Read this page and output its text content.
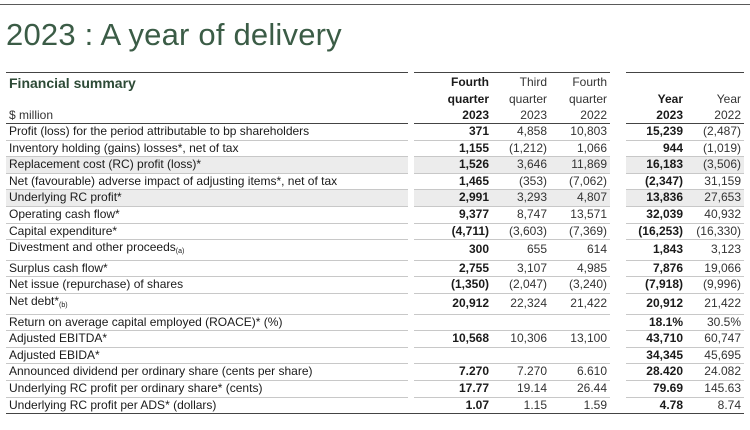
2023 : A year of delivery
Financial summary		Fourth	Third	Fourth			
		quarter	quarter	quarter		Year	Year
$ million		2023	2023	2022		2023	2022
Profit (loss) for the period attributable to bp shareholders		371	4,858	10,803		15,239	(2,487)
Inventory holding (gains) losses*, net of tax		1,155	(1,212)	1,066		944	(1,019)
Replacement cost (RC) profit (loss)*		1,526	3,646	11,869		16,183	(3,506)
Net (favourable) adverse impact of adjusting items*, net of tax		1,465	(353)	(7,062)		(2,347)	31,159
Underlying RC profit*		2,991	3,293	4,807		13,836	27,653
Operating cash flow*		9,377	8,747	13,571		32,039	40,932
Capital expenditure*		(4,711)	(3,603)	(7,369)		(16,253)	(16,330)
Divestment and other proceeds$_{(a)}$		300	655	614		1,843	3,123
Surplus cash flow*		2,755	3,107	4,985		7,876	19,066
Net issue (repurchase) of shares		(1,350)	(2,047)	(3,240)		(7,918)	(9,996)
Net $debt*_{(b)}$		20,912	22,324	21,422		20,912	21,422
Return on average capital employed (ROACE)* (%)						18.1%	30.5%
Adjusted EBITDA*		10,568	10,306	13,100		43,710	60,747
Adjusted EBIDA*						34,345	45,695
Announced dividend per ordinary share (cents per share)		7.270	7.270	6.610		28.420	24.082
Underlying RC profit per ordinary share* (cents)		17.77	19.14	26.44		79.69	145.63
Underlying RC profit per ADS* (dollars)		1.07	1.15	1.59		4.78	8.74
